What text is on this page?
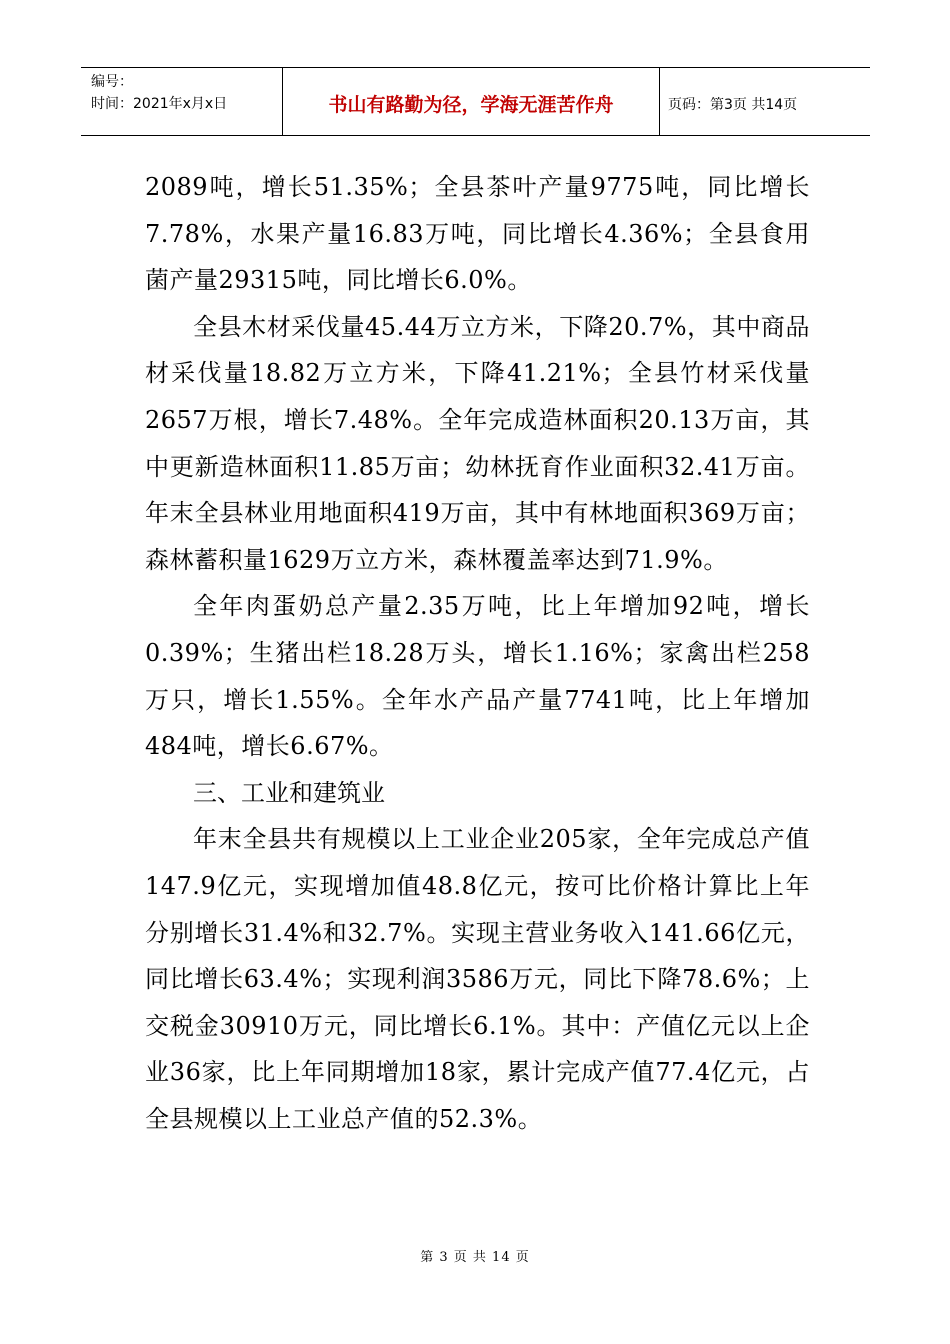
编号：
时间：2021年x月x日	书山有路勤为径，学海无涯苦作舟	页码：第3页 共14页

2089吨，增长51.35%；全县茶叶产量9775吨，同比增长7.78%，水果产量16.83万吨，同比增长4.36%；全县食用菌产量29315吨，同比增长6.0%。

全县木材采伐量45.44万立方米，下降20.7%，其中商品材采伐量18.82万立方米，下降41.21%；全县竹材采伐量2657万根，增长7.48%。全年完成造林面积20.13万亩，其中更新造林面积11.85万亩；幼林抚育作业面积32.41万亩。年末全县林业用地面积419万亩，其中有林地面积369万亩；森林蓄积量1629万立方米，森林覆盖率达到71.9%。

全年肉蛋奶总产量2.35万吨，比上年增加92吨，增长0.39%；生猪出栏18.28万头，增长1.16%；家禽出栏258万只，增长1.55%。全年水产品产量7741吨，比上年增加484吨，增长6.67%。

三、工业和建筑业

年末全县共有规模以上工业企业205家，全年完成总产值147.9亿元，实现增加值48.8亿元，按可比价格计算比上年分别增长31.4%和32.7%。实现主营业务收入141.66亿元，同比增长63.4%；实现利润3586万元，同比下降78.6%；上交税金30910万元，同比增长6.1%。其中：产值亿元以上企业36家，比上年同期增加18家，累计完成产值77.4亿元，占全县规模以上工业总产值的52.3%。

第 3 页 共 14 页
